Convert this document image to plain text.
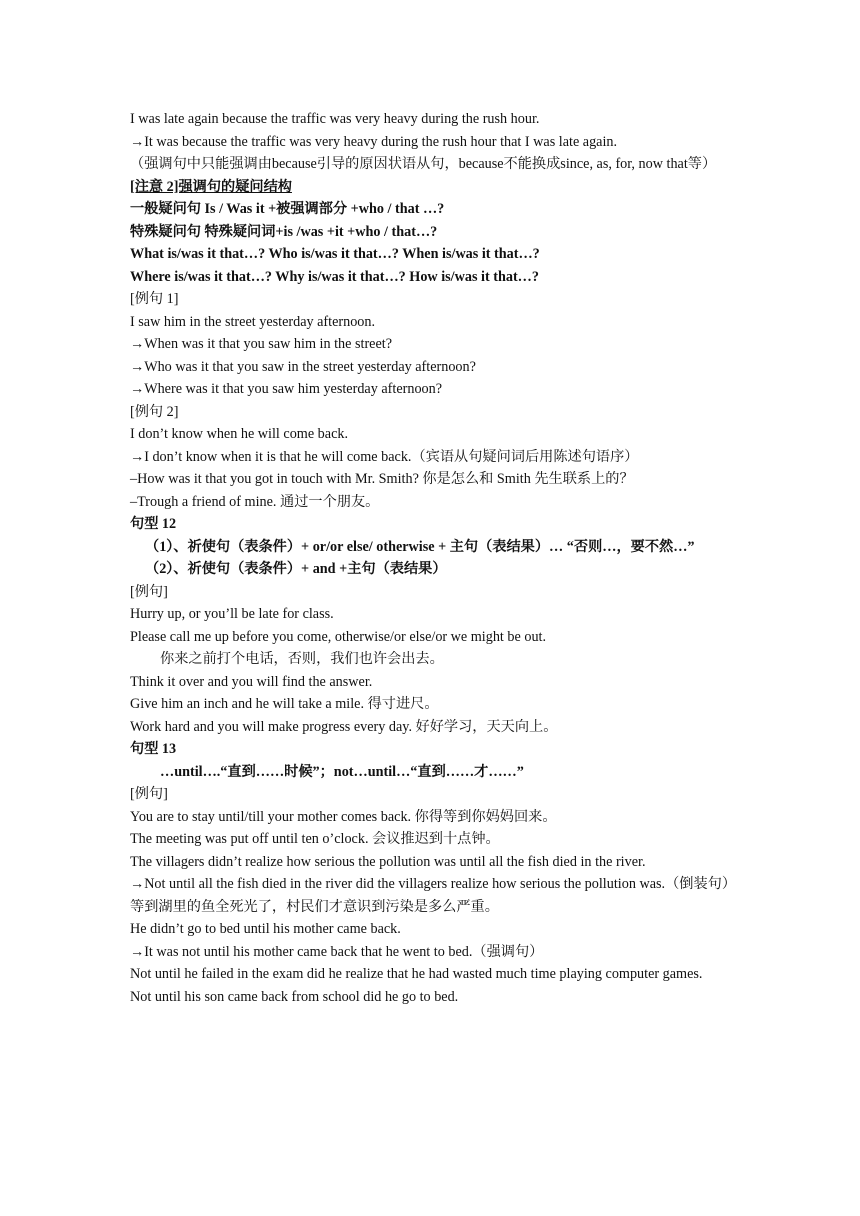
I was late again because the traffic was very heavy during the rush hour.
→It was because the traffic was very heavy during the rush hour that I was late again.
（强调句中只能强调由because引导的原因状语从句，because不能换成since, as, for, now that等）
[注意 2]强调句的疑问结构
一般疑问句 Is / Was it +被强调部分 +who / that …?
特殊疑问句 特殊疑问词+is /was +it +who / that…?
What is/was it that…? Who is/was it that…? When is/was it that…?
Where is/was it that…? Why is/was it that…? How is/was it that…?
[例句 1]
I saw him in the street yesterday afternoon.
→When was it that you saw him in the street?
→Who was it that you saw in the street yesterday afternoon?
→Where was it that you saw him yesterday afternoon?
[例句 2]
I don’t know when he will come back.
→I don’t know when it is that he will come back.（宾语从句疑问词后用陈述句语序）
–How was it that you got in touch with Mr. Smith? 你是怎么和 Smith 先生联系上的？
–Trough a friend of mine. 通过一个朋友。
句型 12
（1）、祈使句（表条件）+ or/or else/ otherwise + 主句（表结果）… “否则…，要不然…”
（2）、祈使句（表条件）+ and +主句（表结果）
[例句]
Hurry up, or you’ll be late for class.
Please call me up before you come, otherwise/or else/or we might be out.
你来之前打个电话，否则，我们也许会出去。
Think it over and you will find the answer.
Give him an inch and he will take a mile. 得寸进尺。
Work hard and you will make progress every day. 好好学习，天天向上。
句型 13
…until….“直到……时候”；not…until…“直到……才……”
[例句]
You are to stay until/till your mother comes back. 你得等到你妈妈回来。
The meeting was put off until ten o’clock. 会议推迟到十点钟。
The villagers didn’t realize how serious the pollution was until all the fish died in the river.
→Not until all the fish died in the river did the villagers realize how serious the pollution was.（倒装句）
等到湖里的鱼全死光了，村民们才意识到污染是多么严重。
He didn’t go to bed until his mother came back.
→It was not until his mother came back that he went to bed.（强调句）
Not until he failed in the exam did he realize that he had wasted much time playing computer games.
Not until his son came back from school did he go to bed.
